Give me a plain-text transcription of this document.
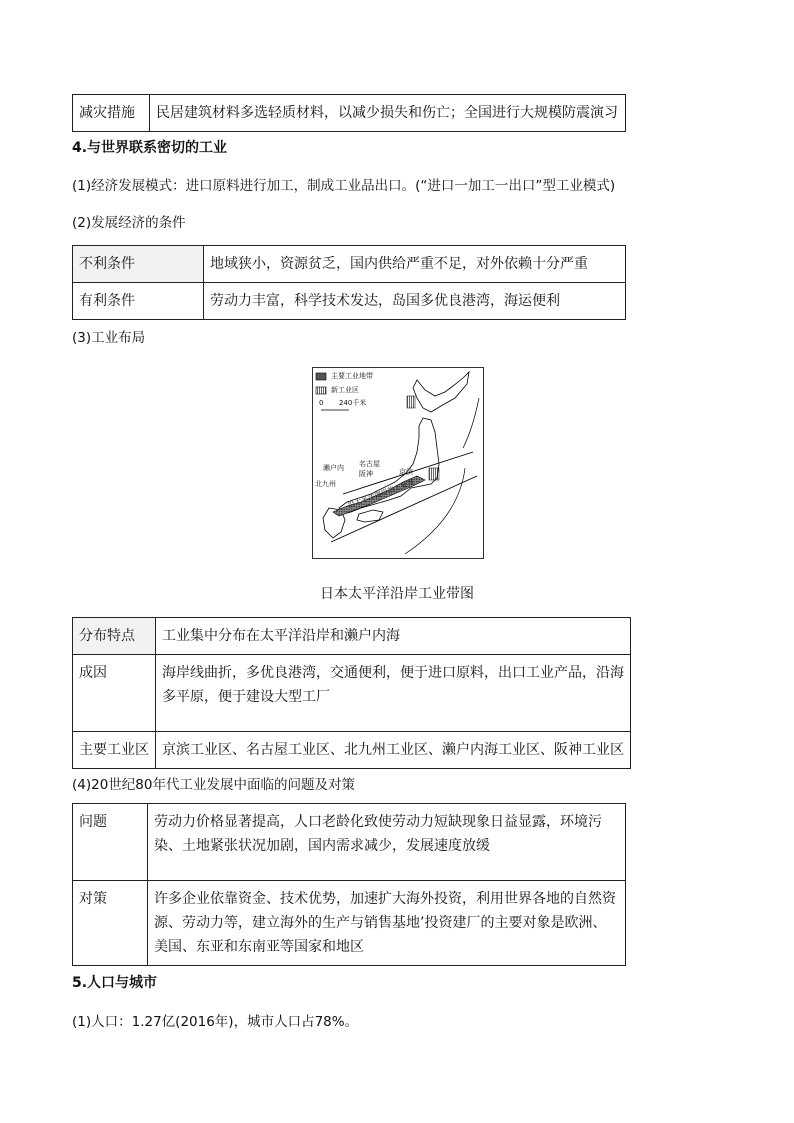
减灾措施	民居建筑材料多选轻质材料，以减少损失和伤亡；全国进行大规模防震演习
4.与世界联系密切的工业
(1)经济发展模式：进口原料进行加工，制成工业品出口。(“进口一加工一出口”型工业模式)
(2)发展经济的条件
不利条件	地域狭小，资源贫乏，国内供给严重不足，对外依赖十分严重
有利条件	劳动力丰富，科学技术发达，岛国多优良港湾，海运便利
(3)工业布局
主要工业地带
新工业区
0       240千米
濑户内
北九州
名古屋
阪神	京滨
沿太平洋南岸的工业带
日本太平洋沿岸工业带图
分布特点	工业集中分布在太平洋沿岸和濑户内海
成因	海岸线曲折，多优良港湾，交通便利，便于进口原料，出口工业产品，沿海多平原，便于建设大型工厂
主要工业区	京滨工业区、名古屋工业区、北九州工业区、濑户内海工业区、阪神工业区
(4)20世纪80年代工业发展中面临的问题及对策
问题	劳动力价格显著提高，人口老龄化致使劳动力短缺现象日益显露，环境污染、土地紧张状况加剧，国内需求减少，发展速度放缓
对策	许多企业依靠资金、技术优势，加速扩大海外投资，利用世界各地的自然资源、劳动力等，建立海外的生产与销售基地’投资建厂的主要对象是欧洲、美国、东亚和东南亚等国家和地区
5.人口与城市
(1)人口：1.27亿(2016年)，城市人口占78%。
